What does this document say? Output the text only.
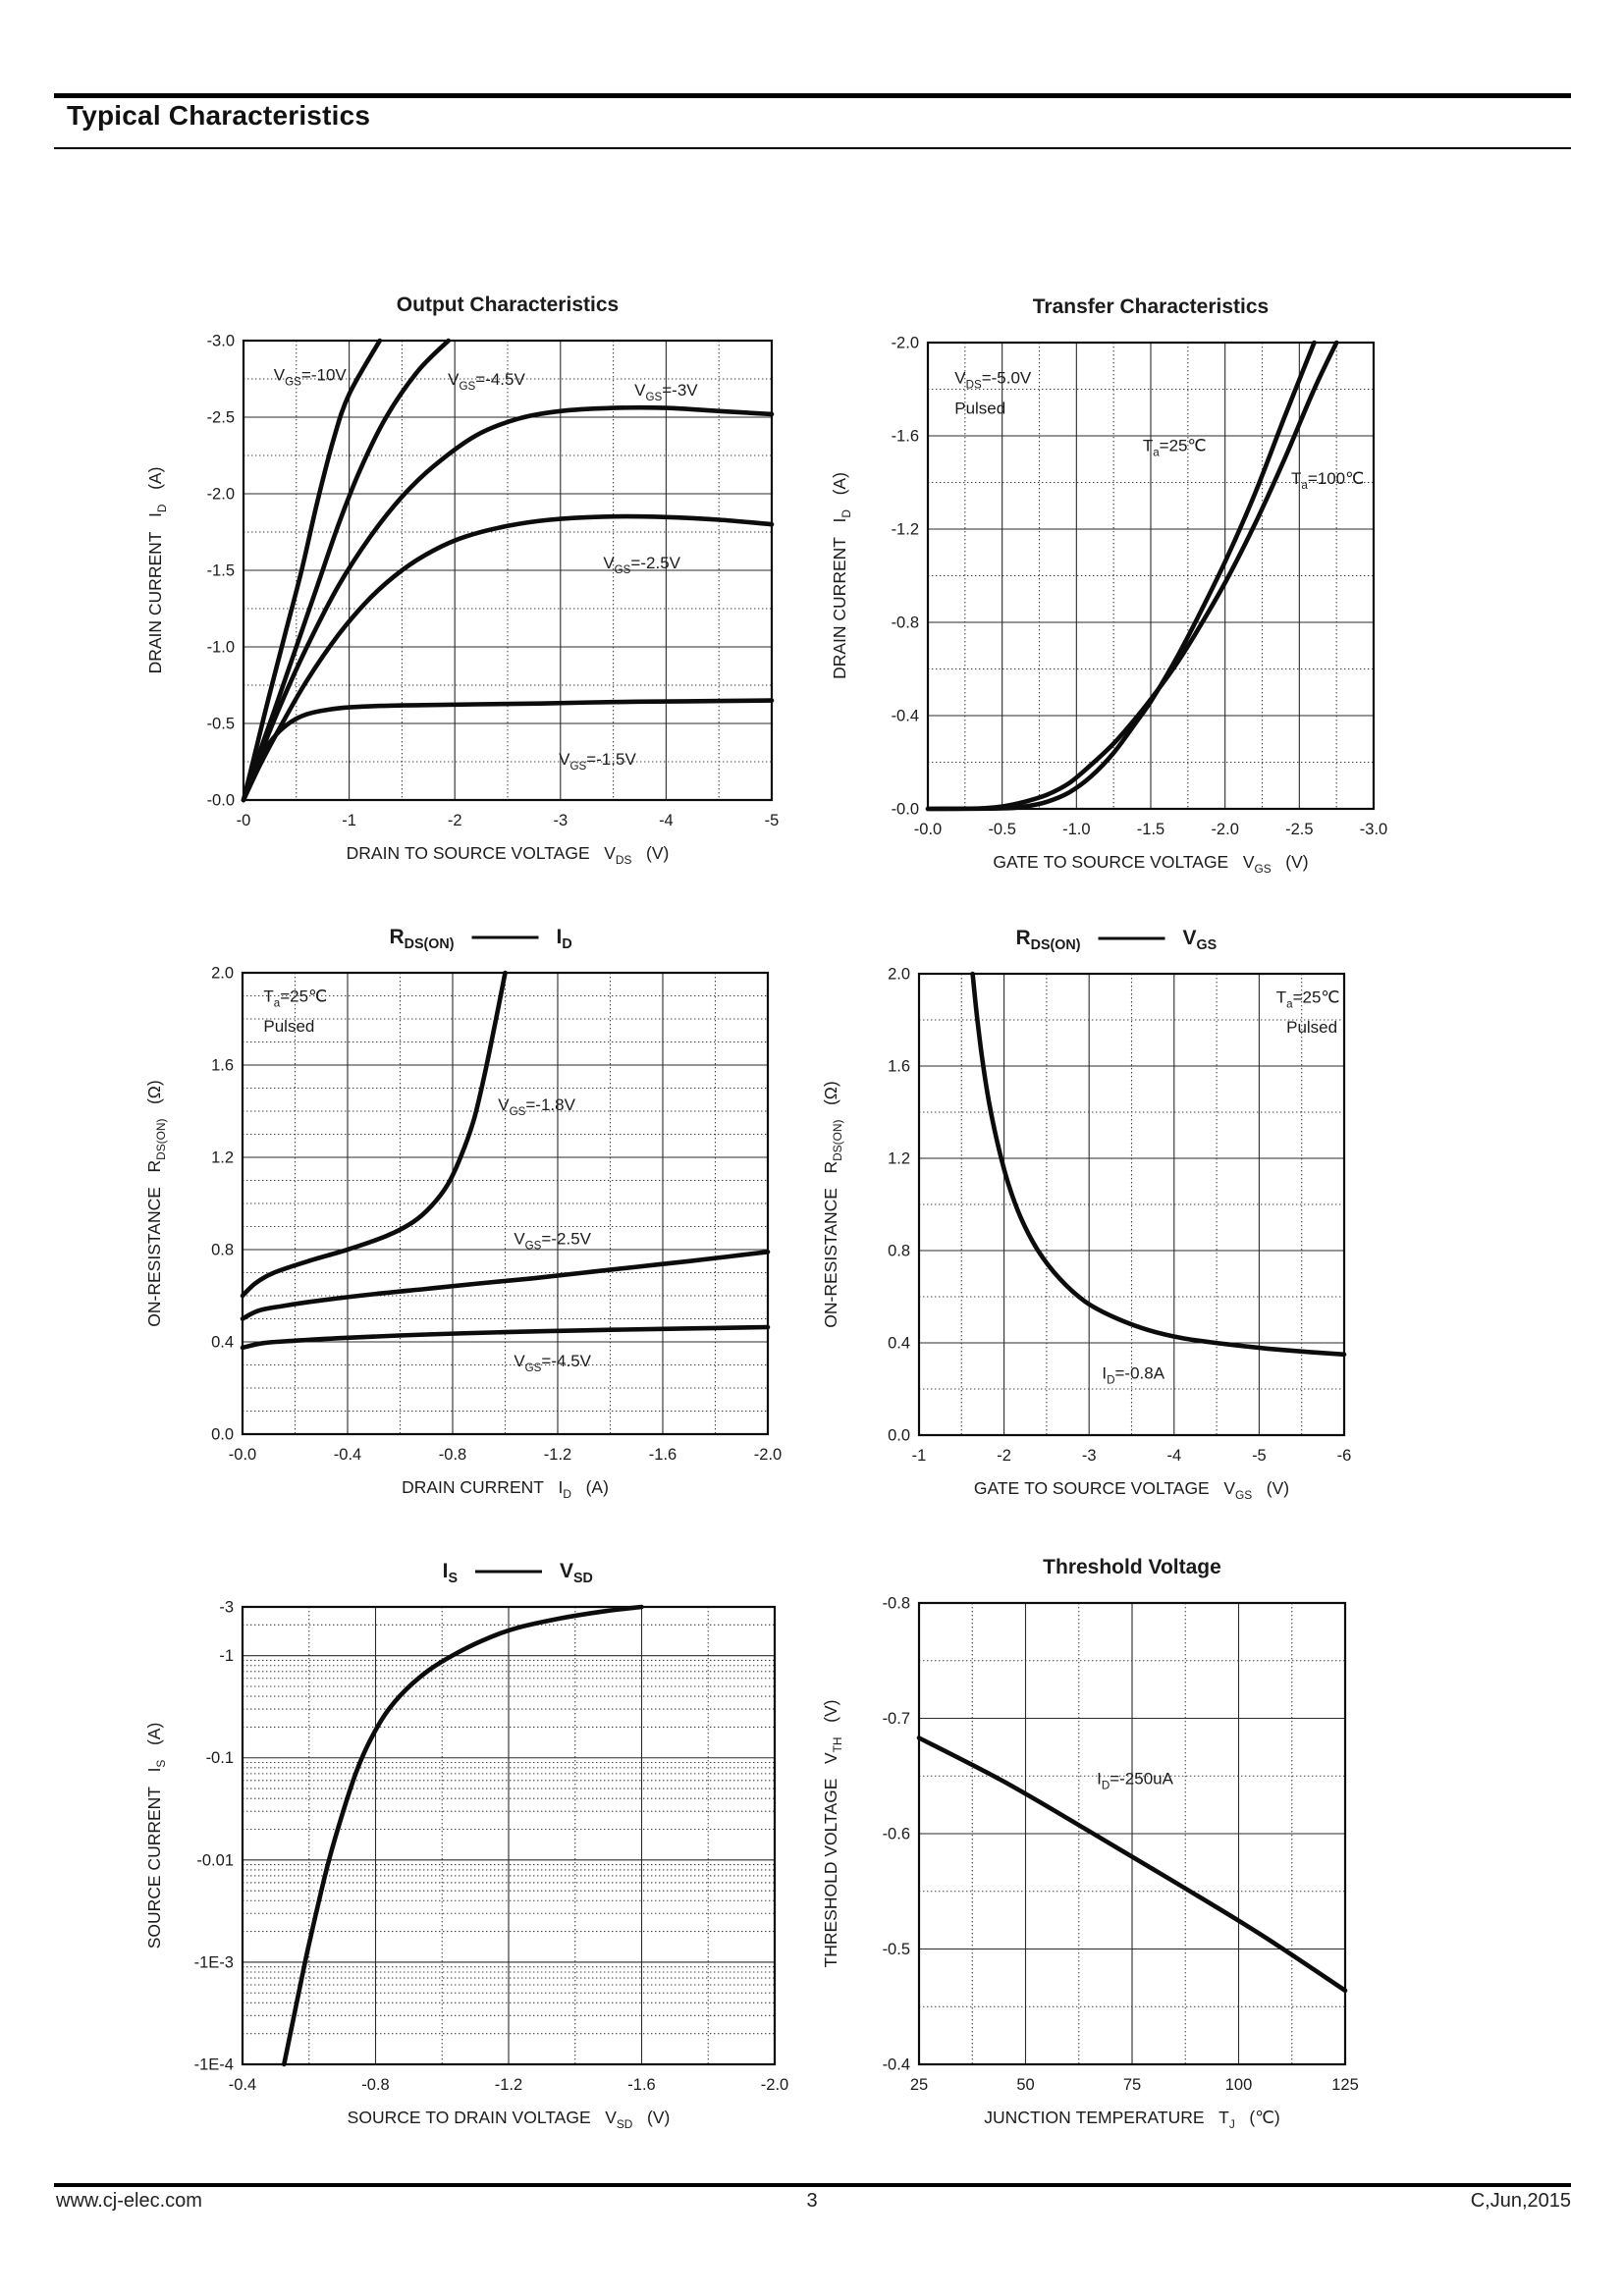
Typical Characteristics
-0	-1	-2	-3	-4	-5
-3.0
-2.5
-2.0
-1.5
-1.0
-0.5
-0.0
DRAIN TO SOURCE VOLTAGE   $V_{DS}$   (V)
DRAIN CURRENT   $I_D$   (A)
Output Characteristics
$V_{GS}=-10V$	$V_{GS}=-4.5V$
$V_{GS}=-3V$
$V_{GS}=-2.5V$
$V_{GS}=-1.5V$
-0.0	-0.5	-1.0	-1.5	-2.0	-2.5	-3.0
-2.0
-1.6
-1.2
-0.8
-0.4
-0.0
GATE TO SOURCE VOLTAGE   $V_{GS}$   (V)
DRAIN CURRENT   $I_D$   (A)
Transfer Characteristics
$V_{DS}=-5.0V$
Pulsed
$T_a=25℃$
$T_a=100℃$
-0.0	-0.4	-0.8	-1.2	-1.6	-2.0
2.0
1.6
1.2
0.8
0.4
0.0
DRAIN CURRENT   $I_D$   (A)
ON-RESISTANCE   $R_{DS(ON)}$   (Ω)
$R_{DS(ON)}$	$I_D$
$T_a=25℃$
Pulsed
$V_{GS}=-1.8V$
$V_{GS}=-2.5V$
$V_{GS}=-4.5V$
-1	-2	-3	-4	-5	-6
2.0
1.6
1.2
0.8
0.4
0.0
GATE TO SOURCE VOLTAGE   $V_{GS}$   (V)
ON-RESISTANCE   $R_{DS(ON)}$   (Ω)
$R_{DS(ON)}$	$V_{GS}$
$T_a=25℃$
Pulsed
$I_D=-0.8A$
-0.4	-0.8	-1.2	-1.6	-2.0
-3
-1
-0.1
-0.01
-1E-3
-1E-4
SOURCE TO DRAIN VOLTAGE   $V_{SD}$   (V)
SOURCE CURRENT   $I_S$   (A)
$I_S$	$V_{SD}$
25	50	75	100	125
-0.8
-0.7
-0.6
-0.5
-0.4
JUNCTION TEMPERATURE   $T_J$   (℃)
THRESHOLD VOLTAGE   $V_{TH}$   (V)
Threshold Voltage
$I_D=-250uA$
www.cj-elec.com	3	C,Jun,2015
